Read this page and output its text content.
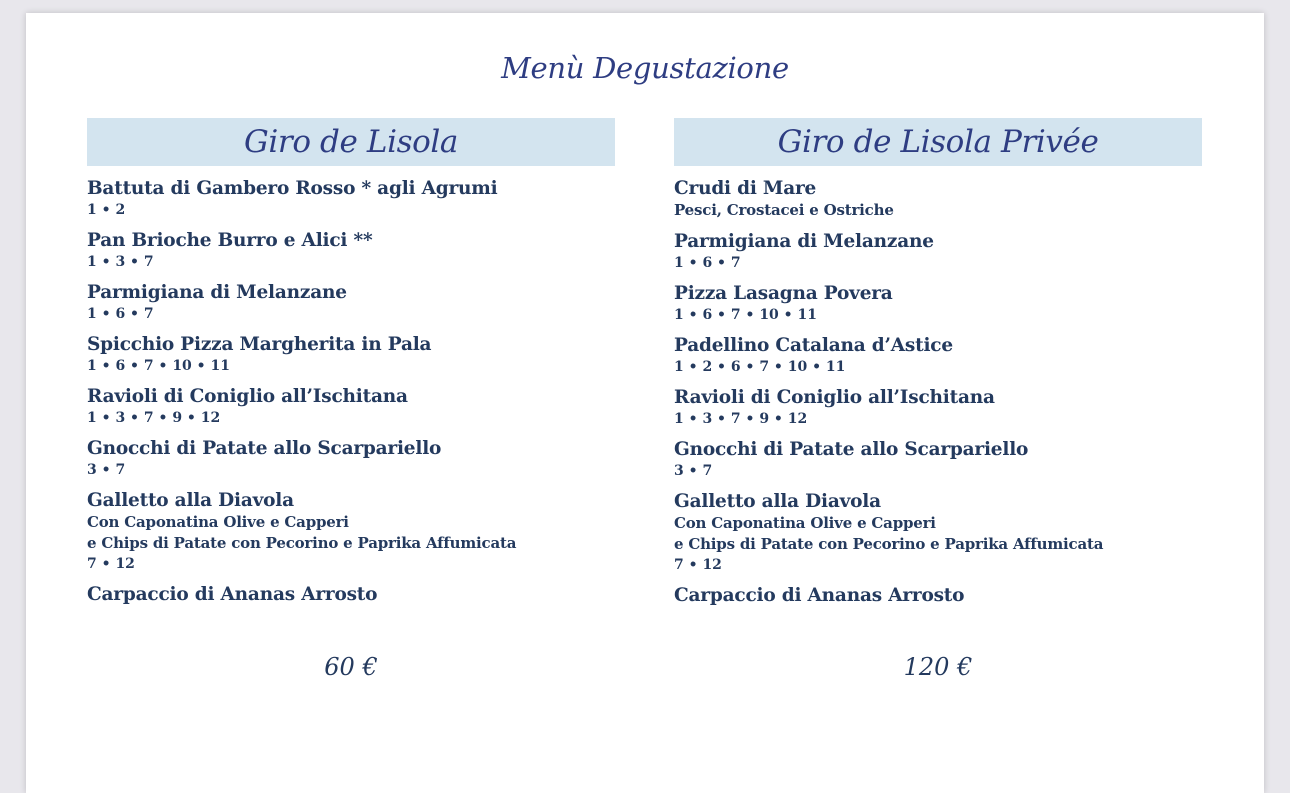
Menù Degustazione
Giro de Lisola
Battuta di Gambero Rosso * agli Agrumi
1 • 2
Pan Brioche Burro e Alici **
1 • 3 • 7
Parmigiana di Melanzane
1 • 6 • 7
Spicchio Pizza Margherita in Pala
1 • 6 • 7 • 10 • 11
Ravioli di Coniglio all’Ischitana
1 • 3 • 7 • 9 • 12
Gnocchi di Patate allo Scarpariello
3 • 7
Galletto alla Diavola
Con Caponatina Olive e Capperi
e Chips di Patate con Pecorino e Paprika Affumicata
7 • 12
Carpaccio di Ananas Arrosto
Giro de Lisola Privée
Crudi di Mare
Pesci, Crostacei e Ostriche
Parmigiana di Melanzane
1 • 6 • 7
Pizza Lasagna Povera
1 • 6 • 7 • 10 • 11
Padellino Catalana d’Astice
1 • 2 • 6 • 7 • 10 • 11
Ravioli di Coniglio all’Ischitana
1 • 3 • 7 • 9 • 12
Gnocchi di Patate allo Scarpariello
3 • 7
Galletto alla Diavola
Con Caponatina Olive e Capperi
e Chips di Patate con Pecorino e Paprika Affumicata
7 • 12
Carpaccio di Ananas Arrosto
60 €	120 €
